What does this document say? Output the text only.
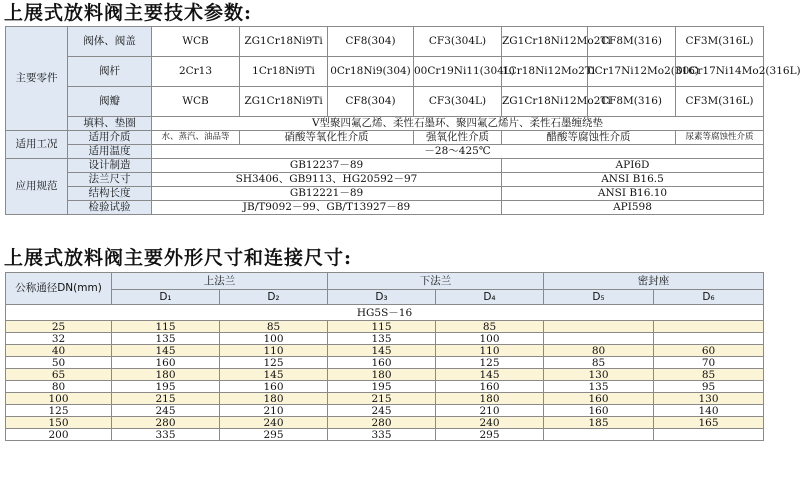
上展式放料阀主要技术参数:
主要零件	阀体、阀盖	WCB	ZG1Cr18Ni9Ti	CF8(304)	CF3(304L)	ZG1Cr18Ni12Mo2Ti	CF8M(316)	CF3M(316L)
	阀杆	2Cr13	1Cr18Ni9Ti	0Cr18Ni9(304)	00Cr19Ni11(304L)	1Cr18Ni12Mo2Ti	0Cr17Ni12Mo2(316)	00Cr17Ni14Mo2(316L)
	阀瓣	WCB	ZG1Cr18Ni9Ti	CF8(304)	CF3(304L)	ZG1Cr18Ni12Mo2Ti	CF8M(316)	CF3M(316L)
	填料、垫圈	V型聚四氟乙烯、柔性石墨环、聚四氟乙烯片、柔性石墨缠绕垫						
适用工况	适用介质	水、蒸汽、油品等	硝酸等氧化性介质		强氧化性介质	醋酸等腐蚀性介质		尿素等腐蚀性介质
	适用温度	－28～425℃						
应用规范	设计制造	GB12237－89				API6D		
	法兰尺寸	SH3406、GB9113、HG20592－97				ANSI B16.5		
	结构长度	GB12221－89				ANSI B16.10		
	检验试验	JB/T9092－99、GB/T13927－89				API598		
上展式放料阀主要外形尺寸和连接尺寸:
公称通径DN(mm)	上法兰		下法兰		密封座	
	D₁	D₂	D₃	D₄	D₅	D₆
HG5S－16						
25	115	85	115	85		
32	135	100	135	100		
40	145	110	145	110	80	60
50	160	125	160	125	85	70
65	180	145	180	145	130	85
80	195	160	195	160	135	95
100	215	180	215	180	160	130
125	245	210	245	210	160	140
150	280	240	280	240	185	165
200	335	295	335	295		
